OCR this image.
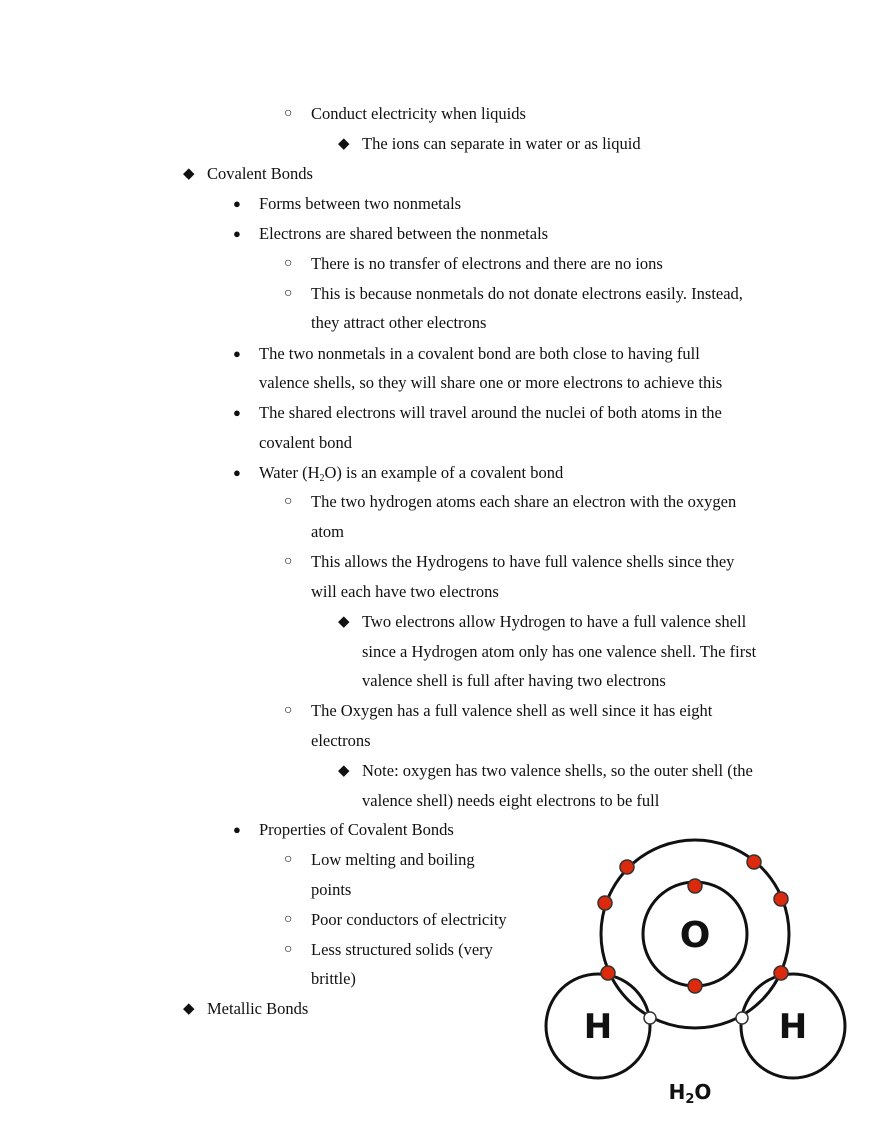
○
◆
◆
●
●
○
○
●
●
●
○
○
◆
○
◆
●
○
○
○
◆
Conduct electricity when liquids
The ions can separate in water or as liquid
Covalent Bonds
Forms between two nonmetals
Electrons are shared between the nonmetals
There is no transfer of electrons and there are no ions
This is because nonmetals do not donate electrons easily. Instead,
they attract other electrons
The two nonmetals in a covalent bond are both close to having full
valence shells, so they will share one or more electrons to achieve this
The shared electrons will travel around the nuclei of both atoms in the
covalent bond
Water $(H_2O)$ is an example of a covalent bond
The two hydrogen atoms each share an electron with the oxygen
atom
This allows the Hydrogens to have full valence shells since they
will each have two electrons
Two electrons allow Hydrogen to have a full valence shell
since a Hydrogen atom only has one valence shell. The first
valence shell is full after having two electrons
The Oxygen has a full valence shell as well since it has eight
electrons
Note: oxygen has two valence shells, so the outer shell (the
valence shell) needs eight electrons to be full
Properties of Covalent Bonds
Low melting and boiling
points
Poor conductors of electricity
Less structured solids (very
brittle)
Metallic Bonds
O
H	H
$H_2O$
